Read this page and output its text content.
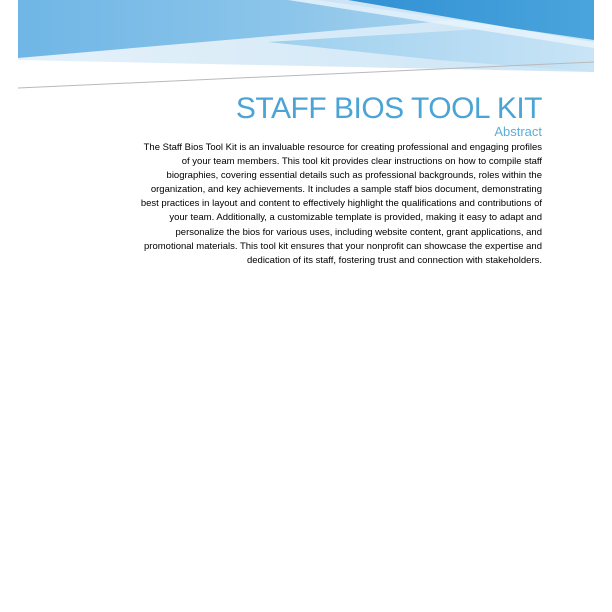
STAFF BIOS TOOL KIT
Abstract

The Staff Bios Tool Kit is an invaluable resource for creating professional and engaging profiles of your team members. This tool kit provides clear instructions on how to compile staff biographies, covering essential details such as professional backgrounds, roles within the organization, and key achievements. It includes a sample staff bios document, demonstrating best practices in layout and content to effectively highlight the qualifications and contributions of your team. Additionally, a customizable template is provided, making it easy to adapt and personalize the bios for various uses, including website content, grant applications, and promotional materials. This tool kit ensures that your nonprofit can showcase the expertise and dedication of its staff, fostering trust and connection with stakeholders.
